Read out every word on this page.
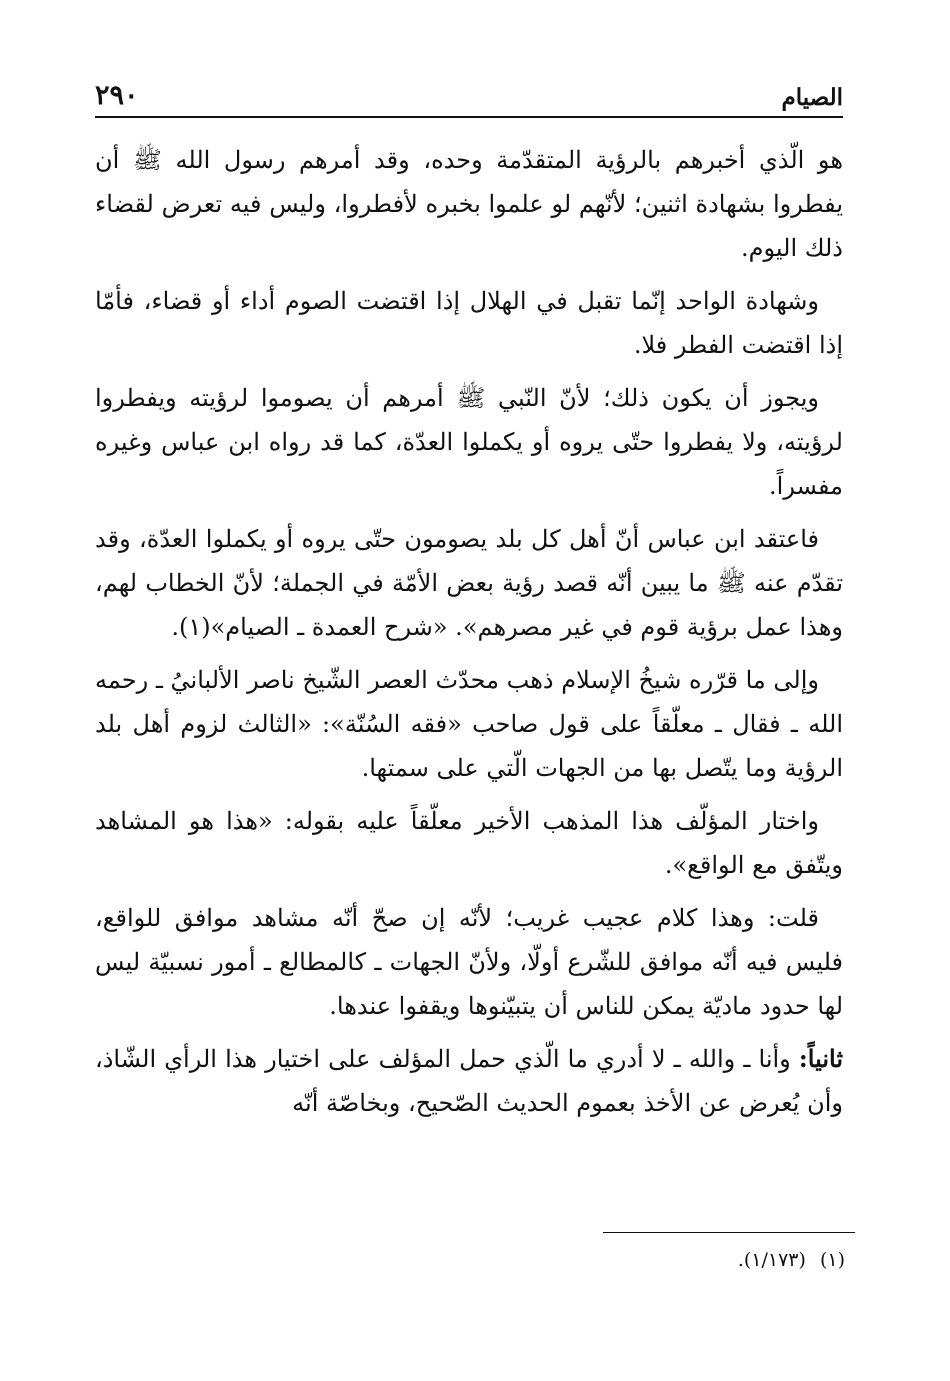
الصيام
٢٩٠

هو الّذي أخبرهم بالرؤية المتقدّمة وحده، وقد أمرهم رسول الله ﷺ أن يفطروا بشهادة اثنين؛ لأنّهم لو علموا بخبره لأفطروا، وليس فيه تعرض لقضاء ذلك اليوم.

وشهادة الواحد إنّما تقبل في الهلال إذا اقتضت الصوم أداء أو قضاء، فأمّا إذا اقتضت الفطر فلا.

ويجوز أن يكون ذلك؛ لأنّ النّبي ﷺ أمرهم أن يصوموا لرؤيته ويفطروا لرؤيته، ولا يفطروا حتّى يروه أو يكملوا العدّة، كما قد رواه ابن عباس وغيره مفسراً.

فاعتقد ابن عباس أنّ أهل كل بلد يصومون حتّى يروه أو يكملوا العدّة، وقد تقدّم عنه ﷺ ما يبين أنّه قصد رؤية بعض الأمّة في الجملة؛ لأنّ الخطاب لهم، وهذا عمل برؤية قوم في غير مصرهم». «شرح العمدة ـ الصيام»(١).

وإلى ما قرّره شيخُ الإسلام ذهب محدّث العصر الشّيخ ناصر الألبانيُ ـ رحمه الله ـ فقال ـ معلّقاً على قول صاحب «فقه السُنّة»: «الثالث لزوم أهل بلد الرؤية وما يتّصل بها من الجهات الّتي على سمتها.

واختار المؤلّف هذا المذهب الأخير معلّقاً عليه بقوله: «هذا هو المشاهد ويتّفق مع الواقع».

قلت: وهذا كلام عجيب غريب؛ لأنّه إن صحّ أنّه مشاهد موافق للواقع، فليس فيه أنّه موافق للشّرع أولّا، ولأنّ الجهات ـ كالمطالع ـ أمور نسبيّة ليس لها حدود ماديّة يمكن للناس أن يتبيّنوها ويقفوا عندها.

ثانياً: وأنا ـ والله ـ لا أدري ما الّذي حمل المؤلف على اختيار هذا الرأي الشّاذ، وأن يُعرض عن الأخذ بعموم الحديث الصّحيح، وبخاصّة أنّه

(١)(١/١٧٣).
